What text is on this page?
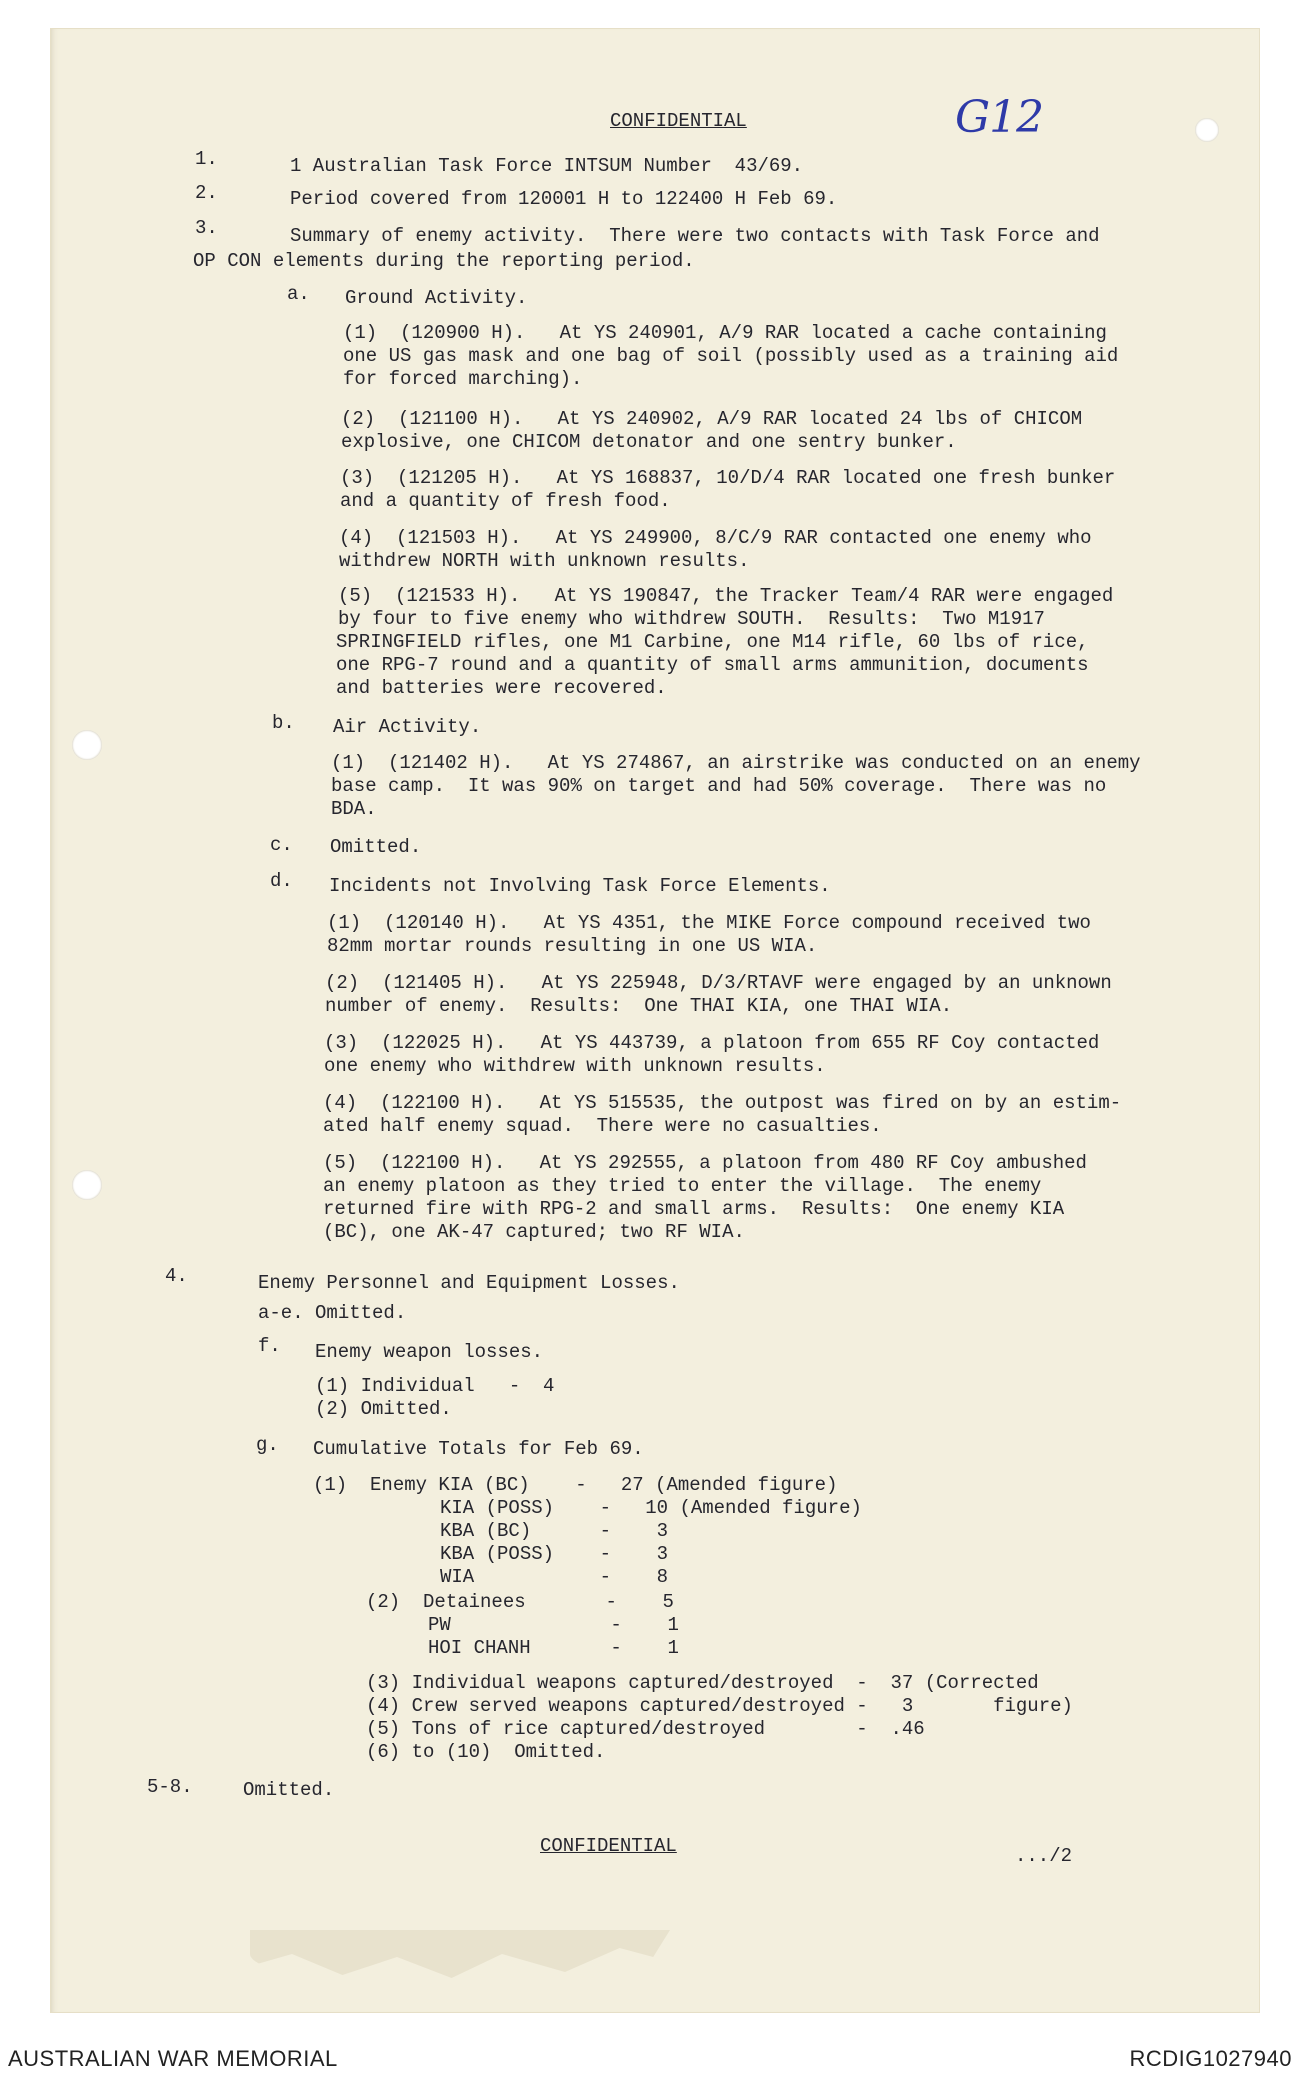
CONFIDENTIAL	G12
1.	1 Australian Task Force INTSUM Number  43/69.
2.	Period covered from 120001 H to 122400 H Feb 69.
3.	Summary of enemy activity.  There were two contacts with Task Force and
OP CON elements during the reporting period.
a. Ground Activity.
(1)  (120900 H).   At YS 240901, A/9 RAR located a cache containing
one US gas mask and one bag of soil (possibly used as a training aid
for forced marching).
(2)  (121100 H).   At YS 240902, A/9 RAR located 24 lbs of CHICOM
explosive, one CHICOM detonator and one sentry bunker.
(3)  (121205 H).   At YS 168837, 10/D/4 RAR located one fresh bunker
and a quantity of fresh food.
(4)  (121503 H).   At YS 249900, 8/C/9 RAR contacted one enemy who
withdrew NORTH with unknown results.
(5)  (121533 H).   At YS 190847, the Tracker Team/4 RAR were engaged
by four to five enemy who withdrew SOUTH.  Results:  Two M1917
SPRINGFIELD rifles, one M1 Carbine, one M14 rifle, 60 lbs of rice,
one RPG-7 round and a quantity of small arms ammunition, documents
and batteries were recovered.
b. Air Activity.
(1)  (121402 H).   At YS 274867, an airstrike was conducted on an enemy
base camp.  It was 90% on target and had 50% coverage.  There was no
BDA.
c. Omitted.
d. Incidents not Involving Task Force Elements.
(1)  (120140 H).   At YS 4351, the MIKE Force compound received two
82mm mortar rounds resulting in one US WIA.
(2)  (121405 H).   At YS 225948, D/3/RTAVF were engaged by an unknown
number of enemy.  Results:  One THAI KIA, one THAI WIA.
(3)  (122025 H).   At YS 443739, a platoon from 655 RF Coy contacted
one enemy who withdrew with unknown results.
(4)  (122100 H).   At YS 515535, the outpost was fired on by an estim-
ated half enemy squad.  There were no casualties.
(5)  (122100 H).   At YS 292555, a platoon from 480 RF Coy ambushed
an enemy platoon as they tried to enter the village.  The enemy
returned fire with RPG-2 and small arms.  Results:  One enemy KIA
(BC), one AK-47 captured; two RF WIA.
4.	Enemy Personnel and Equipment Losses.
a-e. Omitted.
f. Enemy weapon losses.
(1) Individual   -  4
(2) Omitted.
g. Cumulative Totals for Feb 69.
(1)  Enemy KIA (BC)    -   27 (Amended figure)
KIA (POSS)    -   10 (Amended figure)
KBA (BC)      -    3
KBA (POSS)    -    3
WIA           -    8
(2)  Detainees       -    5
PW              -    1
HOI CHANH       -    1
(3) Individual weapons captured/destroyed  -  37 (Corrected
(4) Crew served weapons captured/destroyed -   3       figure)
(5) Tons of rice captured/destroyed        -  .46
(6) to (10)  Omitted.
5-8.	Omitted.
CONFIDENTIAL	.../2
AUSTRALIAN WAR MEMORIAL	RCDIG1027940
